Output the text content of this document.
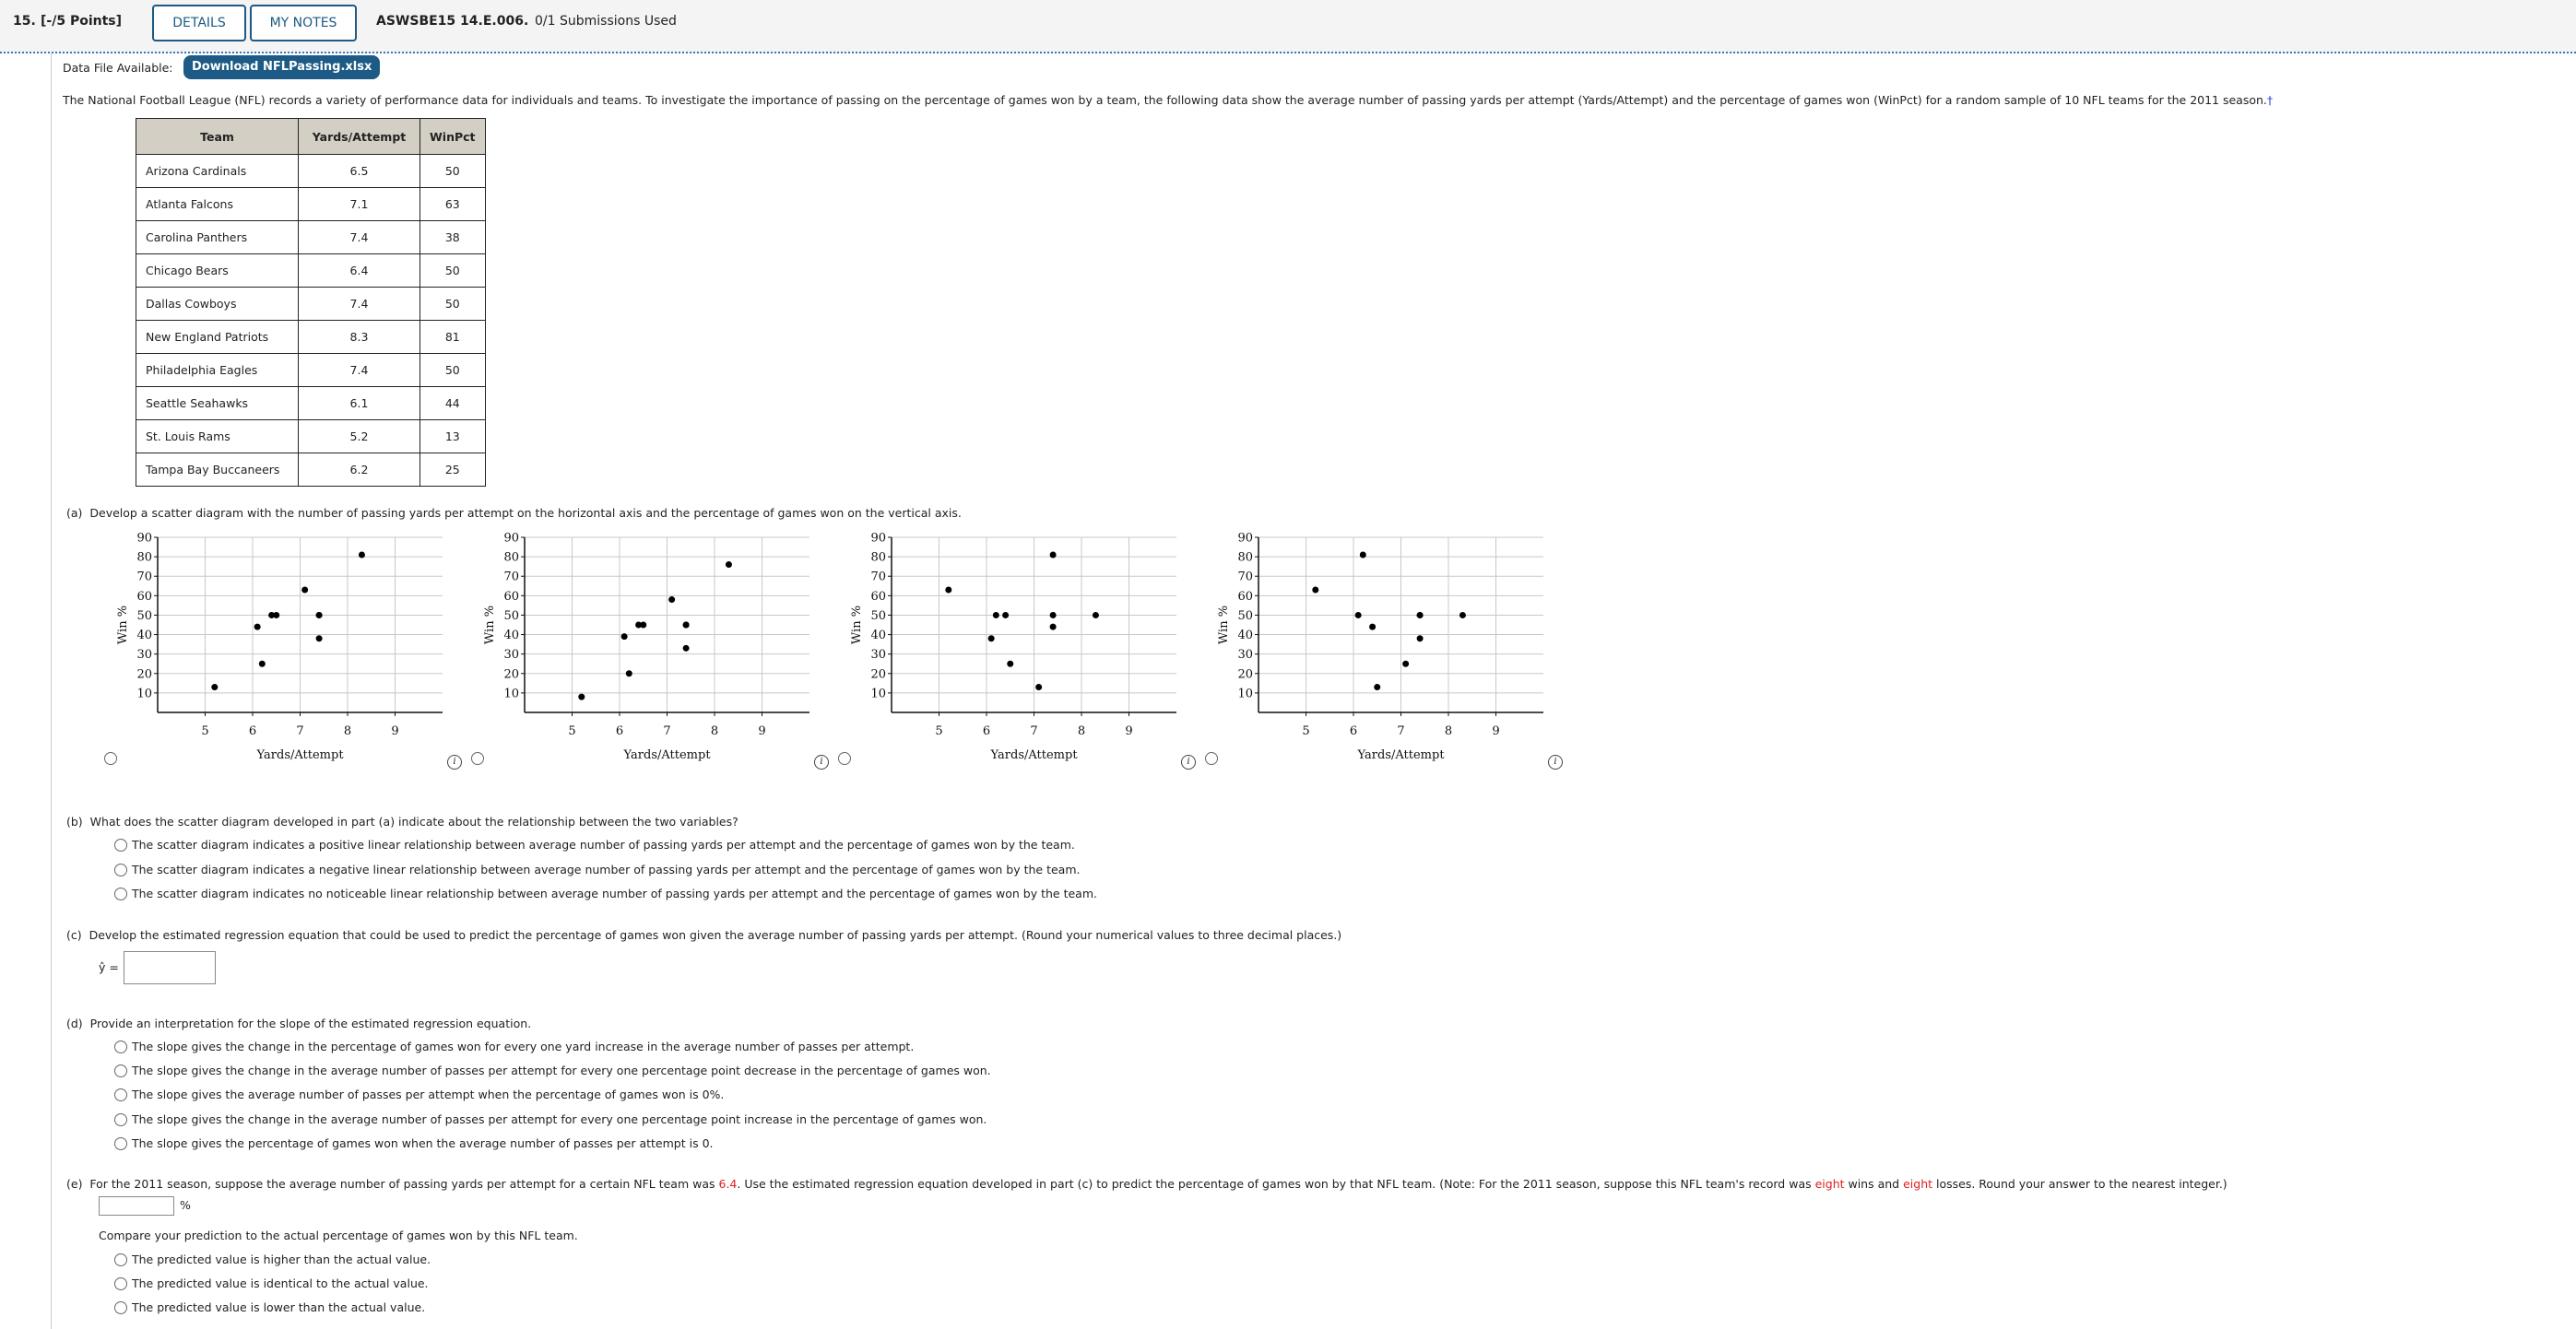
15. [-/5 Points]	DETAILS	MY NOTES	ASWSBE15 14.E.006. 0/1 Submissions Used
Data File Available:	Download NFLPassing.xlsx
The National Football League (NFL) records a variety of performance data for individuals and teams. To investigate the importance of passing on the percentage of games won by a team, the following data show the average number of passing yards per attempt (Yards/Attempt) and the percentage of games won (WinPct) for a random sample of 10 NFL teams for the 2011 season.†
Team	Yards/Attempt	WinPct
Arizona Cardinals	6.5	50
Atlanta Falcons	7.1	63
Carolina Panthers	7.4	38
Chicago Bears	6.4	50
Dallas Cowboys	7.4	50
New England Patriots	8.3	81
Philadelphia Eagles	7.4	50
Seattle Seahawks	6.1	44
St. Louis Rams	5.2	13
Tampa Bay Buccaneers	6.2	25
(a) Develop a scatter diagram with the number of passing yards per attempt on the horizontal axis and the percentage of games won on the vertical axis.
10
20
30
40
50
60
70
80
90
5	6	7	8	9
Yards/Attempt
Win %
i
10
20
30
40
50
60
70
80
90
5	6	7	8	9
Yards/Attempt
Win %
i
10
20
30
40
50
60
70
80
90
5	6	7	8	9
Yards/Attempt
Win %
i
10
20
30
40
50
60
70
80
90
5	6	7	8	9
Yards/Attempt
Win %
i
(b) What does the scatter diagram developed in part (a) indicate about the relationship between the two variables?
The scatter diagram indicates a positive linear relationship between average number of passing yards per attempt and the percentage of games won by the team.
The scatter diagram indicates a negative linear relationship between average number of passing yards per attempt and the percentage of games won by the team.
The scatter diagram indicates no noticeable linear relationship between average number of passing yards per attempt and the percentage of games won by the team.
(c) Develop the estimated regression equation that could be used to predict the percentage of games won given the average number of passing yards per attempt. (Round your numerical values to three decimal places.)
ŷ =
(d) Provide an interpretation for the slope of the estimated regression equation.
The slope gives the change in the percentage of games won for every one yard increase in the average number of passes per attempt.
The slope gives the change in the average number of passes per attempt for every one percentage point decrease in the percentage of games won.
The slope gives the average number of passes per attempt when the percentage of games won is 0%.
The slope gives the change in the average number of passes per attempt for every one percentage point increase in the percentage of games won.
The slope gives the percentage of games won when the average number of passes per attempt is 0.
(e) For the 2011 season, suppose the average number of passing yards per attempt for a certain NFL team was 6.4. Use the estimated regression equation developed in part (c) to predict the percentage of games won by that NFL team. (Note: For the 2011 season, suppose this NFL team's record was eight wins and eight losses. Round your answer to the nearest integer.)
%
Compare your prediction to the actual percentage of games won by this NFL team.
The predicted value is higher than the actual value.
The predicted value is identical to the actual value.
The predicted value is lower than the actual value.
